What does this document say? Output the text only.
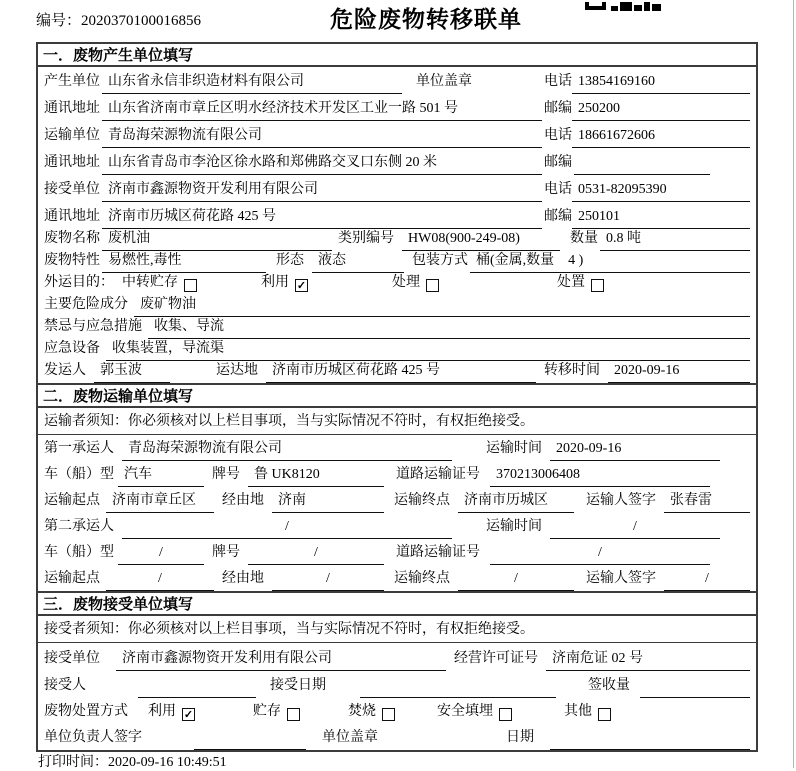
编号：2020370100016856	危险废物转移联单
一．废物产生单位填写
产生单位 山东省永信非织造材料有限公司	单位盖章	电话 13854169160
通讯地址 山东省济南市章丘区明水经济技术开发区工业一路 501 号	邮编 250200
运输单位 青岛海荣源物流有限公司	电话 18661672606
通讯地址 山东省青岛市李沧区徐水路和郑佛路交叉口东侧 20 米	邮编
接受单位 济南市鑫源物资开发利用有限公司	电话 0531-82095390
通讯地址 济南市历城区荷花路 425 号	邮编 250101
废物名称 废机油	类别编号	HW08(900-249-08)	数量 0.8 吨
废物特性 易燃性,毒性	形态	液态	包装方式 桶(金属,数量　4 )
外运目的： 中转贮存	利用 ✓	处理	处置
主要危险成分 废矿物油
禁忌与应急措施 收集、导流
应急设备 收集装置，导流渠
发运人	郭玉波	运达地	济南市历城区荷花路 425 号	转移时间	2020-09-16
二．废物运输单位填写
运输者须知：你必须核对以上栏目事项，当与实际情况不符时，有权拒绝接受。
第一承运人	青岛海荣源物流有限公司	运输时间	2020-09-16
车（船）型 汽车	牌号	鲁 UK8120	道路运输证号	370213006408
运输起点 济南市章丘区	经由地	济南	运输终点	济南市历城区	运输人签字	张春雷
第二承运人	/	运输时间	/
车（船）型	/	牌号	/	道路运输证号	/
运输起点	/	经由地	/	运输终点	/	运输人签字	/
三．废物接受单位填写
接受者须知：你必须核对以上栏目事项，当与实际情况不符时，有权拒绝接受。
接受单位	济南市鑫源物资开发利用有限公司	经营许可证号	济南危证 02 号
接受人	接受日期	签收量
废物处置方式 利用 ✓	贮存	焚烧	安全填埋	其他
单位负责人签字	单位盖章	日期
打印时间：2020-09-16 10:49:51
